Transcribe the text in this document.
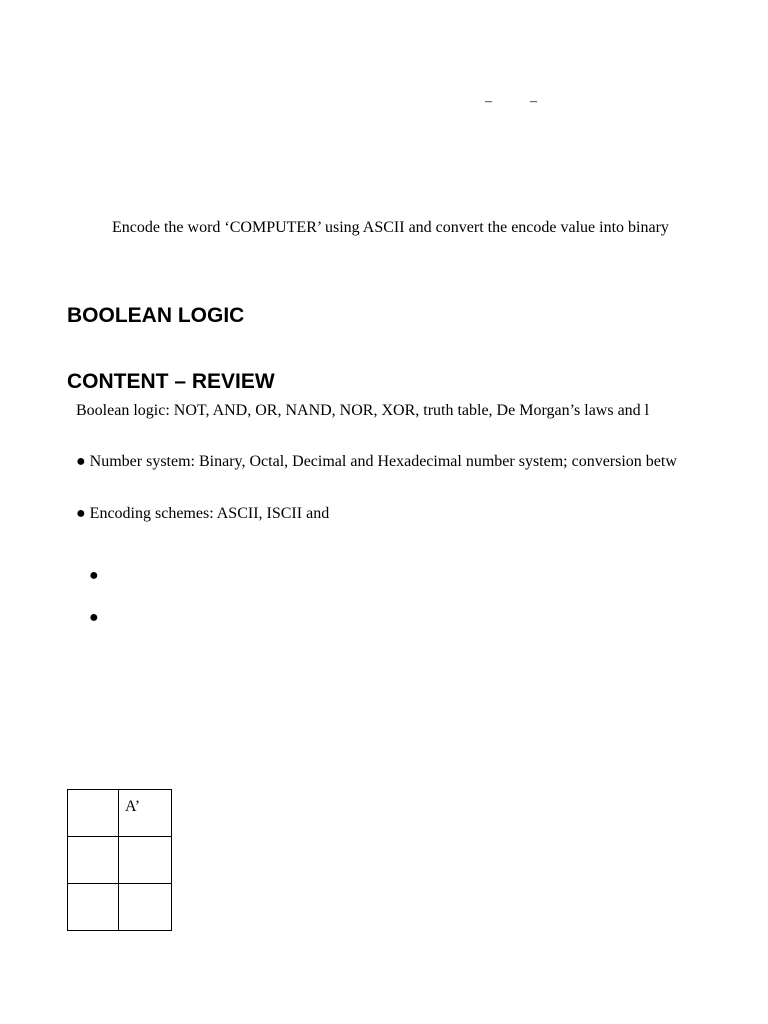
–	–
Encode the word ‘COMPUTER’ using ASCII and convert the encode value into binary
BOOLEAN LOGIC
CONTENT – REVIEW
Boolean logic: NOT, AND, OR, NAND, NOR, XOR, truth table, De Morgan’s laws and l
● Number system: Binary, Octal, Decimal and Hexadecimal number system; conversion betw
● Encoding schemes: ASCII, ISCII and
●
●

	A’
